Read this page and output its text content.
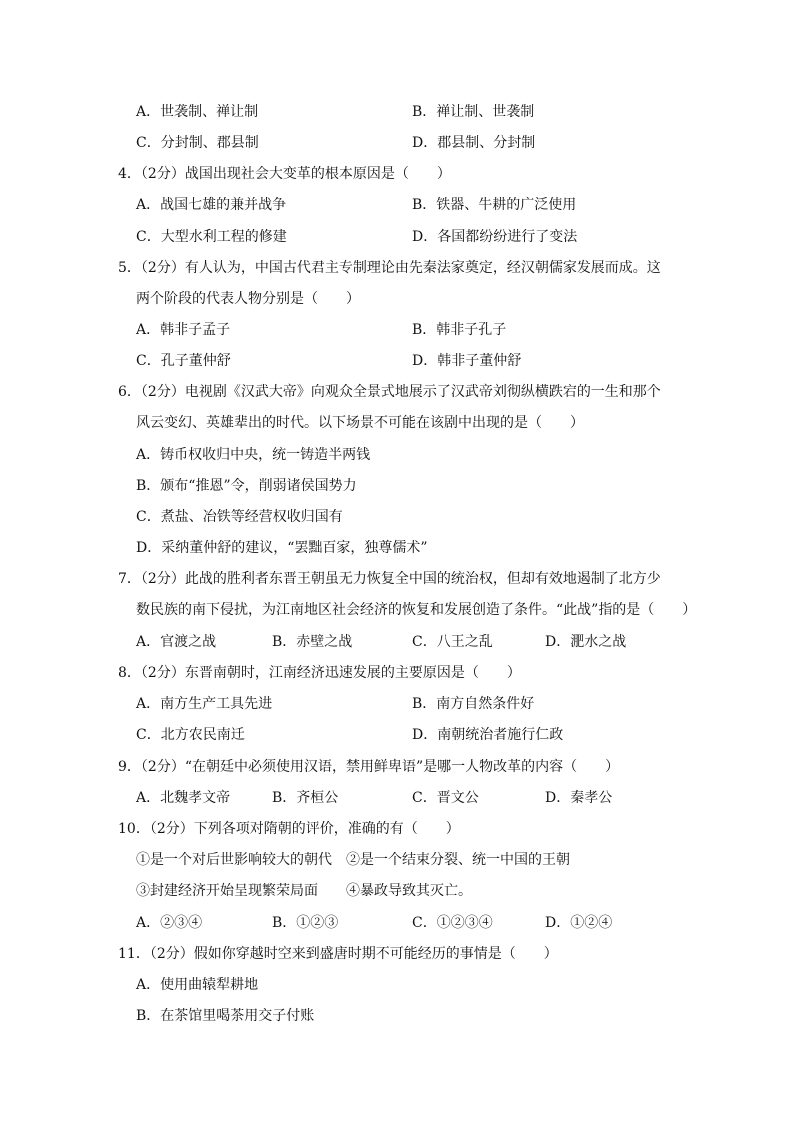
A．世袭制、禅让制	B．禅让制、世袭制
C．分封制、郡县制	D．郡县制、分封制
4．（2分）战国出现社会大变革的根本原因是（　　）
A．战国七雄的兼并战争	B．铁器、牛耕的广泛使用
C．大型水利工程的修建	D．各国都纷纷进行了变法
5．（2分）有人认为，中国古代君主专制理论由先秦法家奠定，经汉朝儒家发展而成。这
两个阶段的代表人物分别是（　　）
A．韩非子孟子	B．韩非子孔子
C．孔子董仲舒	D．韩非子董仲舒
6．（2分）电视剧《汉武大帝》向观众全景式地展示了汉武帝刘彻纵横跌宕的一生和那个
风云变幻、英雄辈出的时代。以下场景不可能在该剧中出现的是（　　）
A．铸币权收归中央，统一铸造半两钱
B．颁布“推恩”令，削弱诸侯国势力
C．煮盐、冶铁等经营权收归国有
D．采纳董仲舒的建议，“罢黜百家，独尊儒术”
7．（2分）此战的胜利者东晋王朝虽无力恢复全中国的统治权，但却有效地遏制了北方少
数民族的南下侵扰，为江南地区社会经济的恢复和发展创造了条件。“此战”指的是（　　）
A．官渡之战	B．赤壁之战	C．八王之乱	D．淝水之战
8．（2分）东晋南朝时，江南经济迅速发展的主要原因是（　　）
A．南方生产工具先进	B．南方自然条件好
C．北方农民南迁	D．南朝统治者施行仁政
9．（2分）“在朝廷中必须使用汉语，禁用鲜卑语”是哪一人物改革的内容（　　）
A．北魏孝文帝	B．齐桓公	C．晋文公	D．秦孝公
10．（2分）下列各项对隋朝的评价，准确的有（　　）
①是一个对后世影响较大的朝代　②是一个结束分裂、统一中国的王朝
③封建经济开始呈现繁荣局面　　④暴政导致其灭亡。
A．②③④	B．①②③	C．①②③④	D．①②④
11．（2分）假如你穿越时空来到盛唐时期不可能经历的事情是（　　）
A．使用曲辕犁耕地
B．在茶馆里喝茶用交子付账
